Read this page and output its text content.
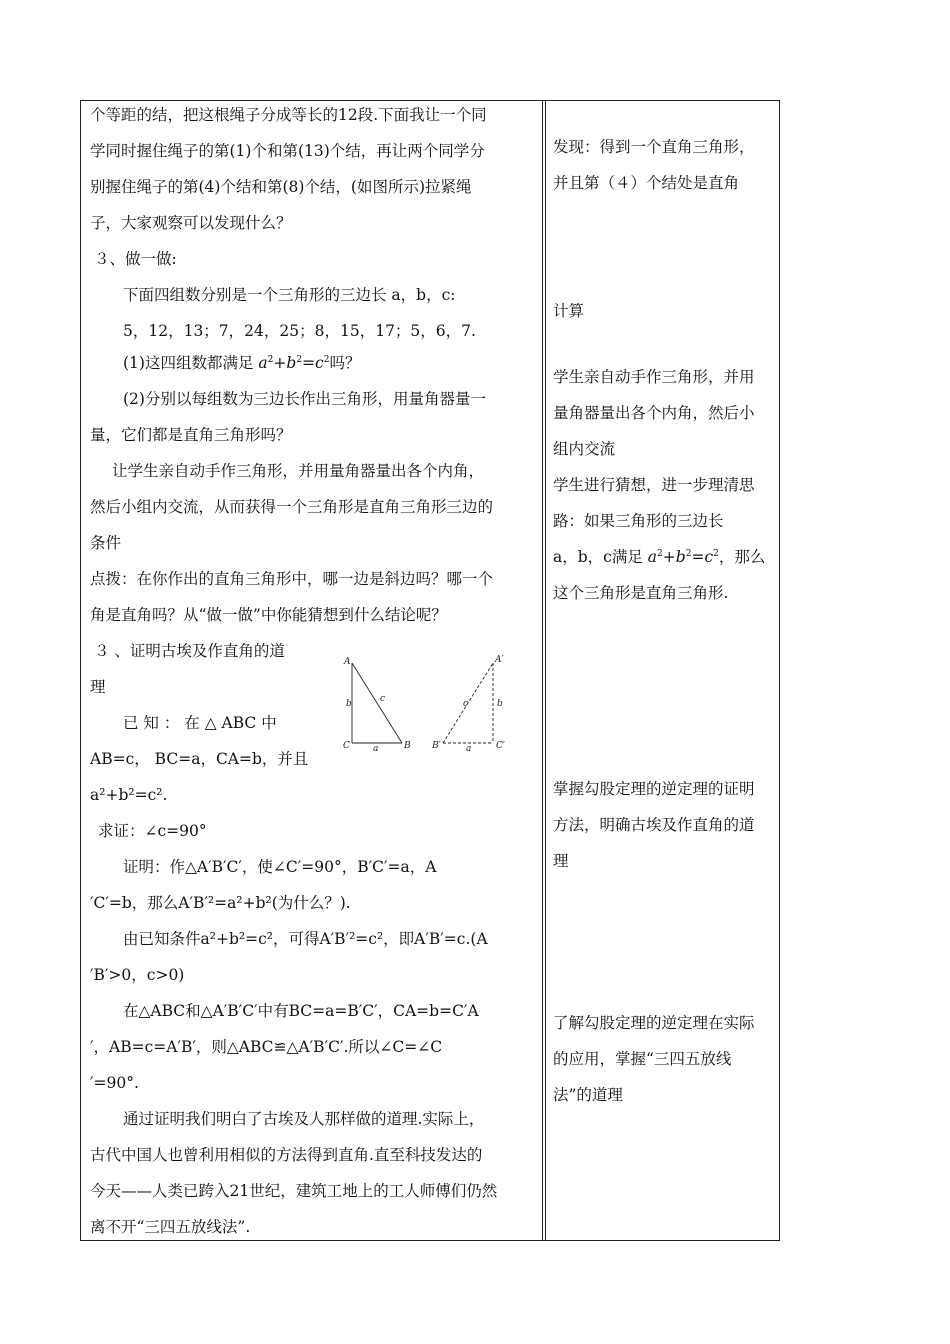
个等距的结，把这根绳子分成等长的12段.下面我让一个同
学同时握住绳子的第(1)个和第(13)个结，再让两个同学分
别握住绳子的第(4)个结和第(8)个结，(如图所示)拉紧绳
子，大家观察可以发现什么？
３、做一做:
下面四组数分别是一个三角形的三边长 a，b，c:
5，12，13；7，24，25；8，15，17；5，6，7.
(1)这四组数都满足 $a^2+b^2=c^2$吗？
(2)分别以每组数为三边长作出三角形，用量角器量一
量，它们都是直角三角形吗？
让学生亲自动手作三角形，并用量角器量出各个内角，
然后小组内交流，从而获得一个三角形是直角三角形三边的
条件
点拨：在你作出的直角三角形中，哪一边是斜边吗？哪一个
角是直角吗？从“做一做”中你能猜想到什么结论呢？
３ 、证明古埃及作直角的道
理
已 知 ： 在 △ ABC 中
AB=c， BC=a，CA=b，并且
a²+b²=c².
求证：∠c=90°
证明：作△A′B′C′，使∠C′=90°，B′C′=a，A
′C′=b，那么A′B′²=a²+b²(为什么？).
由已知条件a²+b²=c²，可得A′B′²=c²，即A′B′=c.(A
′B′>0，c>0)
在△ABC和△A′B′C′中有BC=a=B′C′，CA=b=C′A
′，AB=c=A′B′，则△ABC≌△A′B′C′.所以∠C=∠C
′=90°.
通过证明我们明白了古埃及人那样做的道理.实际上，
古代中国人也曾利用相似的方法得到直角.直至科技发达的
今天——人类已跨入21世纪，建筑工地上的工人师傅们仍然
离不开“三四五放线法”.
A
C	B
b	c
a
A′
B′	C′
b
c
a
发现：得到一个直角三角形，
并且第（４）个结处是直角
计算
学生亲自动手作三角形，并用
量角器量出各个内角，然后小
组内交流
学生进行猜想，进一步理清思
路：如果三角形的三边长
a，b，c满足 $a^2+b^2=c^2$，那么
这个三角形是直角三角形.
掌握勾股定理的逆定理的证明
方法，明确古埃及作直角的道
理
了解勾股定理的逆定理在实际
的应用，掌握“三四五放线
法”的道理
